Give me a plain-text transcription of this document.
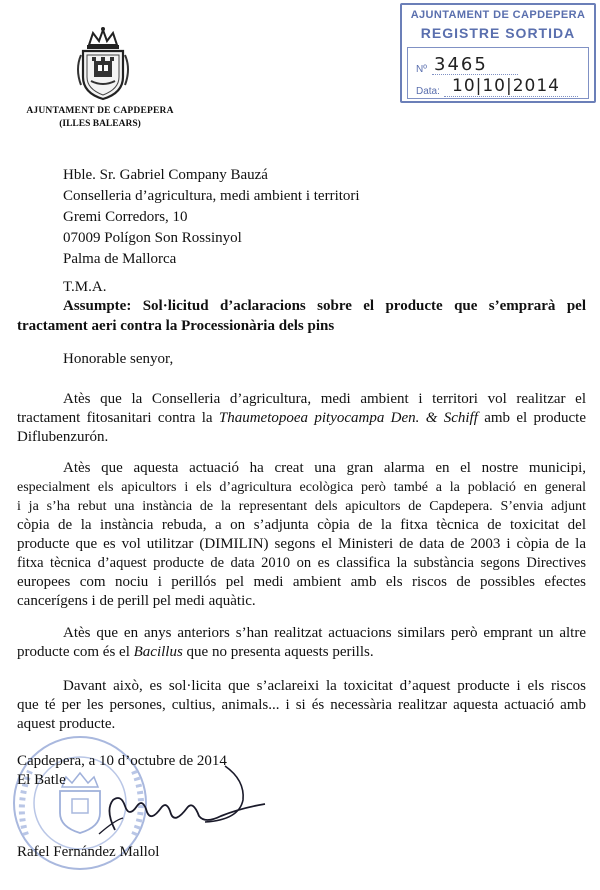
AJUNTAMENT DE CAPDEPERA
(ILLES BALEARS)
AJUNTAMENT DE CAPDEPERA
REGISTRE SORTIDA
Nº 3465
Data: 10|10|2014
Hble. Sr. Gabriel Company Bauzá
Conselleria d’agricultura, medi ambient i territori
Gremi Corredors, 10
07009 Polígon Son Rossinyol
Palma de Mallorca
T.M.A.
Assumpte: Sol·licitud d’aclaracions sobre el producte que s’emprarà pel
tractament aeri contra la Processionària dels pins
Honorable senyor,
Atès que la Conselleria d’agricultura, medi ambient i territori vol realitzar el
tractament fitosanitari contra la Thaumetopoea pityocampa Den. & Schiff amb el producte
Diflubenzurón.
Atès que aquesta actuació ha creat una gran alarma en el nostre municipi,
especialment els apicultors i els d’agricultura ecològica però també a la població en general
i ja s’ha rebut una instància de la representant dels apicultors de Capdepera. S’envia adjunt
còpia de la instància rebuda, a on s’adjunta còpia de la fitxa tècnica de toxicitat del
producte que es vol utilitzar (DIMILIN) segons el Ministeri de data de 2003 i còpia de la
fitxa tècnica d’aquest producte de data 2010 on es classifica la substància segons Directives
europees com nociu i perillós pel medi ambient amb els riscos de possibles efectes
cancerígens i de perill pel medi aquàtic.
Atès que en anys anteriors s’han realitzat actuacions similars però emprant un altre
producte com és el Bacillus que no presenta aquests perills.
Davant això, es sol·licita que s’aclareixi la toxicitat d’aquest producte i els riscos
que té per les persones, cultius, animals... i si és necessària realitzar aquesta actuació amb
aquest producte.
Capdepera, a 10 d’octubre de 2014
El Batle
Rafel Fernández Mallol
